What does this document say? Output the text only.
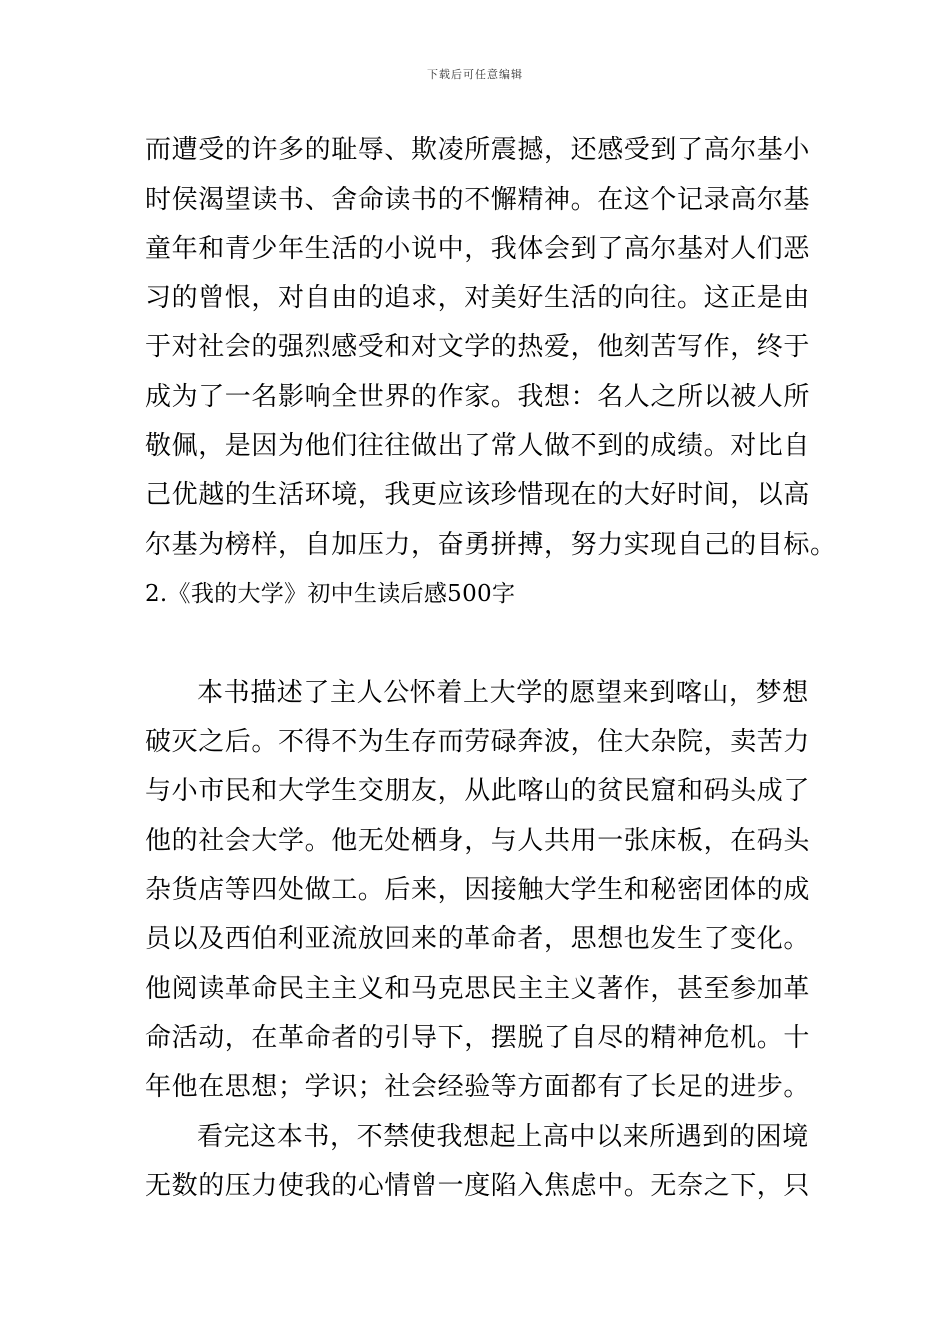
下载后可任意编辑
而遭受的许多的耻辱、欺凌所震撼，还感受到了高尔基小
时侯渴望读书、舍命读书的不懈精神。在这个记录高尔基
童年和青少年生活的小说中，我体会到了高尔基对人们恶
习的曾恨，对自由的追求，对美好生活的向往。这正是由
于对社会的强烈感受和对文学的热爱，他刻苦写作，终于
成为了一名影响全世界的作家。我想：名人之所以被人所
敬佩，是因为他们往往做出了常人做不到的成绩。对比自
己优越的生活环境，我更应该珍惜现在的大好时间，以高
尔基为榜样，自加压力，奋勇拼搏，努力实现自己的目标。
2.《我的大学》初中生读后感500字
本书描述了主人公怀着上大学的愿望来到喀山，梦想
破灭之后。不得不为生存而劳碌奔波，住大杂院，卖苦力
与小市民和大学生交朋友，从此喀山的贫民窟和码头成了
他的社会大学。他无处栖身，与人共用一张床板，在码头
杂货店等四处做工。后来，因接触大学生和秘密团体的成
员以及西伯利亚流放回来的革命者，思想也发生了变化。
他阅读革命民主主义和马克思民主主义著作，甚至参加革
命活动，在革命者的引导下，摆脱了自尽的精神危机。十
年他在思想；学识；社会经验等方面都有了长足的进步。
看完这本书，不禁使我想起上高中以来所遇到的困境
无数的压力使我的心情曾一度陷入焦虑中。无奈之下，只
